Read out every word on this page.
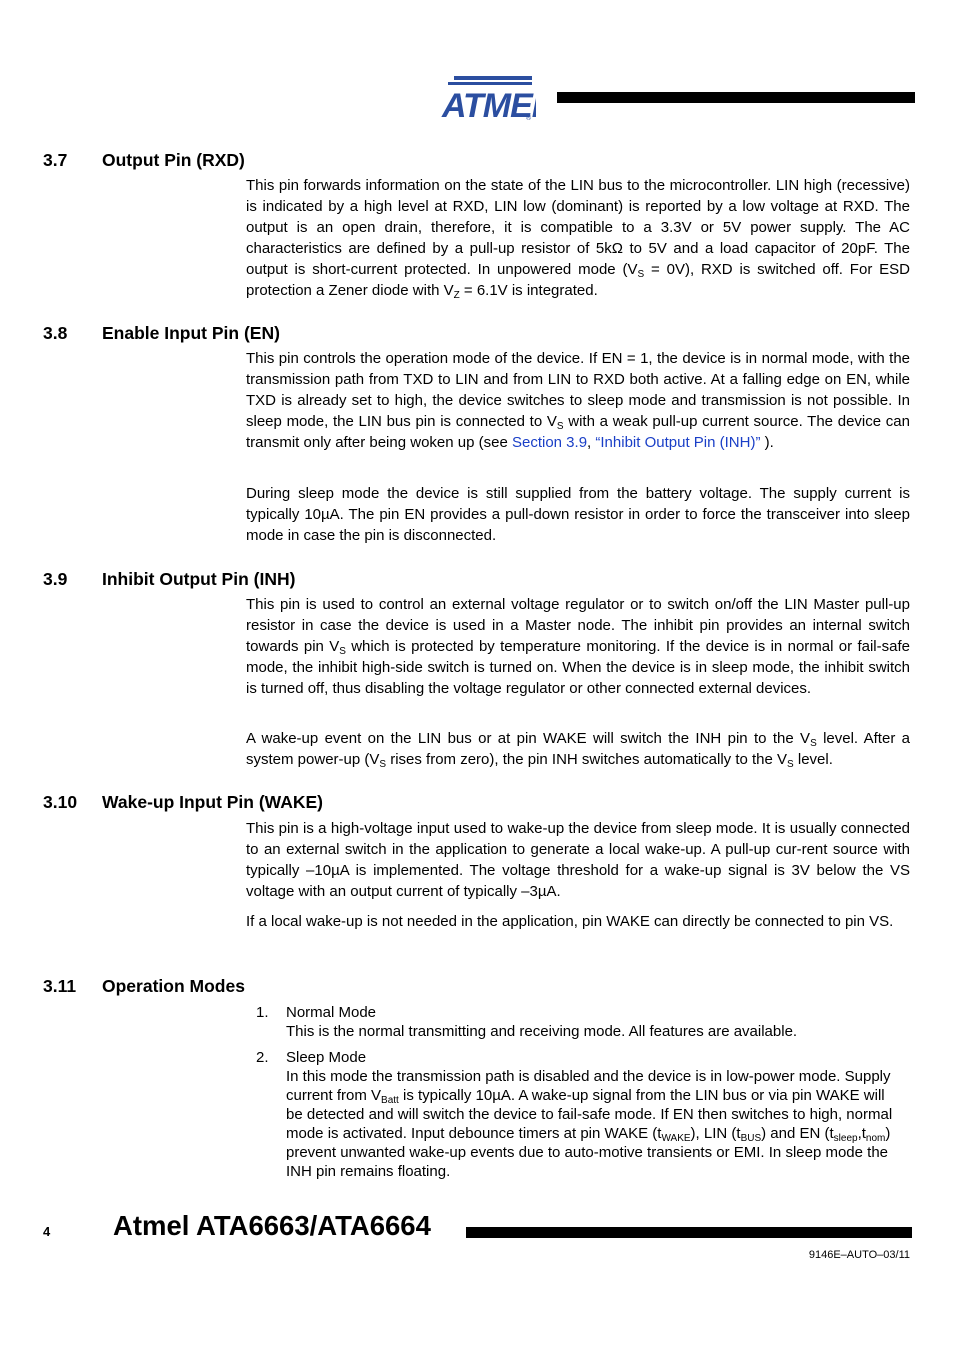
ATME
®
3.7 Output Pin (RXD)
This pin forwards information on the state of the LIN bus to the microcontroller. LIN high (recessive) is indicated by a high level at RXD, LIN low (dominant) is reported by a low voltage at RXD. The output is an open drain, therefore, it is compatible to a 3.3V or 5V power supply. The AC characteristics are defined by a pull-up resistor of 5kΩ to 5V and a load capacitor of 20pF. The output is short-current protected. In unpowered mode $(V_S = 0V)$, RXD is switched off. For ESD protection a Zener diode with $V_Z = 6.1V$ is integrated.
3.8 Enable Input Pin (EN)
This pin controls the operation mode of the device. If EN = 1, the device is in normal mode, with the transmission path from TXD to LIN and from LIN to RXD both active. At a falling edge on EN, while TXD is already set to high, the device switches to sleep mode and transmission is not possible. In sleep mode, the LIN bus pin is connected to $V_S$ with a weak pull-up current source. The device can transmit only after being woken up (see Section 3.9, “Inhibit Output Pin (INH)” ).
During sleep mode the device is still supplied from the battery voltage. The supply current is typically 10µA. The pin EN provides a pull-down resistor in order to force the transceiver into sleep mode in case the pin is disconnected.
3.9 Inhibit Output Pin (INH)
This pin is used to control an external voltage regulator or to switch on/off the LIN Master pull-up resistor in case the device is used in a Master node. The inhibit pin provides an internal switch towards pin $V_S$ which is protected by temperature monitoring. If the device is in normal or fail-safe mode, the inhibit high-side switch is turned on. When the device is in sleep mode, the inhibit switch is turned off, thus disabling the voltage regulator or other connected external devices.
A wake-up event on the LIN bus or at pin WAKE will switch the INH pin to the $V_S$ level. After a system power-up ($V_S$ rises from zero), the pin INH switches automatically to the $V_S$ level.
3.10 Wake-up Input Pin (WAKE)
This pin is a high-voltage input used to wake-up the device from sleep mode. It is usually connected to an external switch in the application to generate a local wake-up. A pull-up cur-rent source with typically –10µA is implemented. The voltage threshold for a wake-up signal is 3V below the VS voltage with an output current of typically –3µA.
If a local wake-up is not needed in the application, pin WAKE can directly be connected to pin VS.
3.11 Operation Modes
1. Normal Mode
This is the normal transmitting and receiving mode. All features are available.
2. Sleep Mode
In this mode the transmission path is disabled and the device is in low-power mode. Supply current from $V_{Batt}$ is typically 10µA. A wake-up signal from the LIN bus or via pin WAKE will be detected and will switch the device to fail-safe mode. If EN then switches to high, normal mode is activated. Input debounce timers at pin WAKE $(t_{WAKE})$, LIN $(t_{BUS})$ and EN $(t_{sleep},t_{nom})$ prevent unwanted wake-up events due to auto-motive transients or EMI. In sleep mode the INH pin remains floating.
4 Atmel ATA6663/ATA6664
9146E–AUTO–03/11
